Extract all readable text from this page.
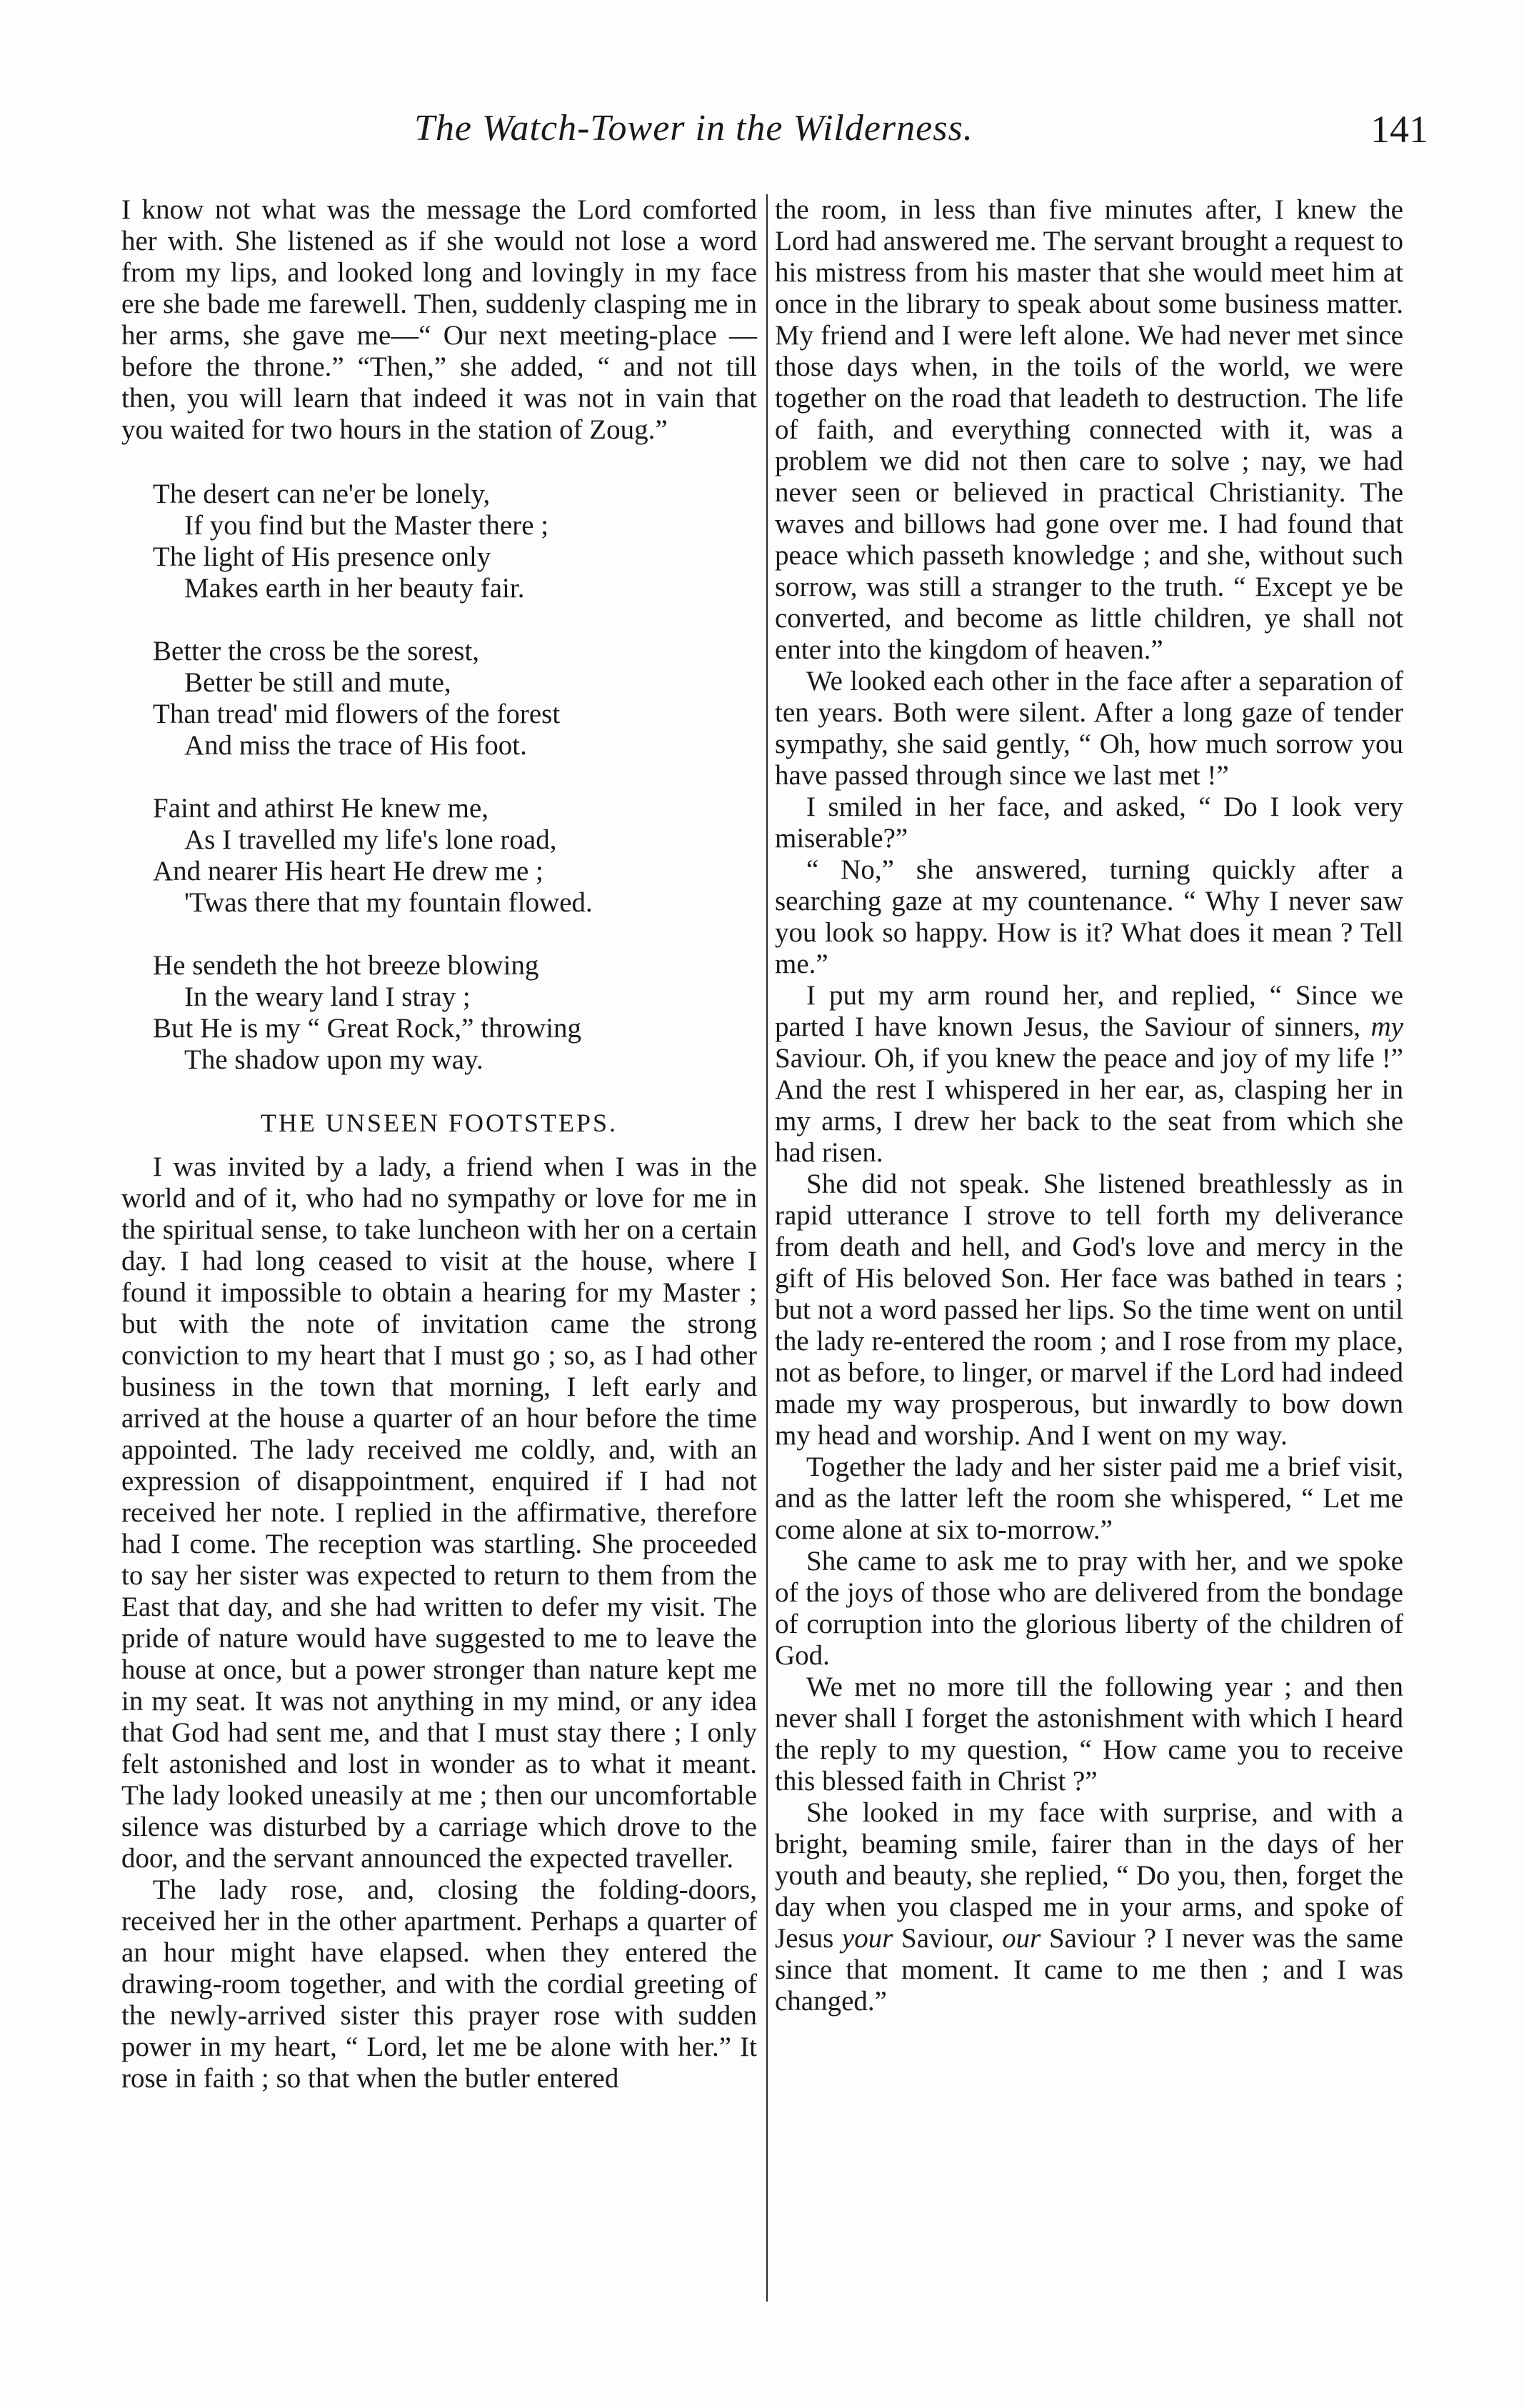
The Watch-Tower in the Wilderness.	141

I know not what was the message the Lord comforted her with. She listened as if she would not lose a word from my lips, and looked long and lovingly in my face ere she bade me farewell. Then, suddenly clasping me in her arms, she gave me—“ Our next meeting-place —before the throne.” “Then,” she added, “ and not till then, you will learn that indeed it was not in vain that you waited for two hours in the station of Zoug.”

The desert can ne'er be lonely,
If you find but the Master there ;
The light of His presence only
Makes earth in her beauty fair.
Better the cross be the sorest,
Better be still and mute,
Than tread' mid flowers of the forest
And miss the trace of His foot.
Faint and athirst He knew me,
As I travelled my life's lone road,
And nearer His heart He drew me ;
'Twas there that my fountain flowed.
He sendeth the hot breeze blowing
In the weary land I stray ;
But He is my “ Great Rock,” throwing
The shadow upon my way.
THE UNSEEN FOOTSTEPS.

I was invited by a lady, a friend when I was in the world and of it, who had no sympathy or love for me in the spiritual sense, to take luncheon with her on a certain day. I had long ceased to visit at the house, where I found it impossible to obtain a hearing for my Master ; but with the note of invitation came the strong conviction to my heart that I must go ; so, as I had other business in the town that morning, I left early and arrived at the house a quarter of an hour before the time appointed. The lady received me coldly, and, with an expression of disappointment, enquired if I had not received her note. I replied in the affirmative, therefore had I come. The reception was startling. She proceeded to say her sister was expected to return to them from the East that day, and she had written to defer my visit. The pride of nature would have suggested to me to leave the house at once, but a power stronger than nature kept me in my seat. It was not anything in my mind, or any idea that God had sent me, and that I must stay there ; I only felt astonished and lost in wonder as to what it meant. The lady looked uneasily at me ; then our uncomfortable silence was disturbed by a carriage which drove to the door, and the servant announced the expected traveller.

The lady rose, and, closing the folding-doors, received her in the other apartment. Perhaps a quarter of an hour might have elapsed. when they entered the drawing-room together, and with the cordial greeting of the newly-arrived sister this prayer rose with sudden power in my heart, “ Lord, let me be alone with her.” It rose in faith ; so that when the butler entered

the room, in less than five minutes after, I knew the Lord had answered me. The servant brought a request to his mistress from his master that she would meet him at once in the library to speak about some business matter. My friend and I were left alone. We had never met since those days when, in the toils of the world, we were together on the road that leadeth to destruction. The life of faith, and everything connected with it, was a problem we did not then care to solve ; nay, we had never seen or believed in practical Christianity. The waves and billows had gone over me. I had found that peace which passeth knowledge ; and she, without such sorrow, was still a stranger to the truth. “ Except ye be converted, and become as little children, ye shall not enter into the kingdom of heaven.”

We looked each other in the face after a separation of ten years. Both were silent. After a long gaze of tender sympathy, she said gently, “ Oh, how much sorrow you have passed through since we last met !”

I smiled in her face, and asked, “ Do I look very miserable?”

“ No,” she answered, turning quickly after a searching gaze at my countenance. “ Why I never saw you look so happy. How is it? What does it mean ? Tell me.”

I put my arm round her, and replied, “ Since we parted I have known Jesus, the Saviour of sinners, my Saviour. Oh, if you knew the peace and joy of my life !” And the rest I whispered in her ear, as, clasping her in my arms, I drew her back to the seat from which she had risen.

She did not speak. She listened breathlessly as in rapid utterance I strove to tell forth my deliverance from death and hell, and God's love and mercy in the gift of His beloved Son. Her face was bathed in tears ; but not a word passed her lips. So the time went on until the lady re-entered the room ; and I rose from my place, not as before, to linger, or marvel if the Lord had indeed made my way prosperous, but inwardly to bow down my head and worship. And I went on my way.

Together the lady and her sister paid me a brief visit, and as the latter left the room she whispered, “ Let me come alone at six to-morrow.”

She came to ask me to pray with her, and we spoke of the joys of those who are delivered from the bondage of corruption into the glorious liberty of the children of God.

We met no more till the following year ; and then never shall I forget the astonishment with which I heard the reply to my question, “ How came you to receive this blessed faith in Christ ?”

She looked in my face with surprise, and with a bright, beaming smile, fairer than in the days of her youth and beauty, she replied, “ Do you, then, forget the day when you clasped me in your arms, and spoke of Jesus your Saviour, our Saviour ? I never was the same since that moment. It came to me then ; and I was changed.”
